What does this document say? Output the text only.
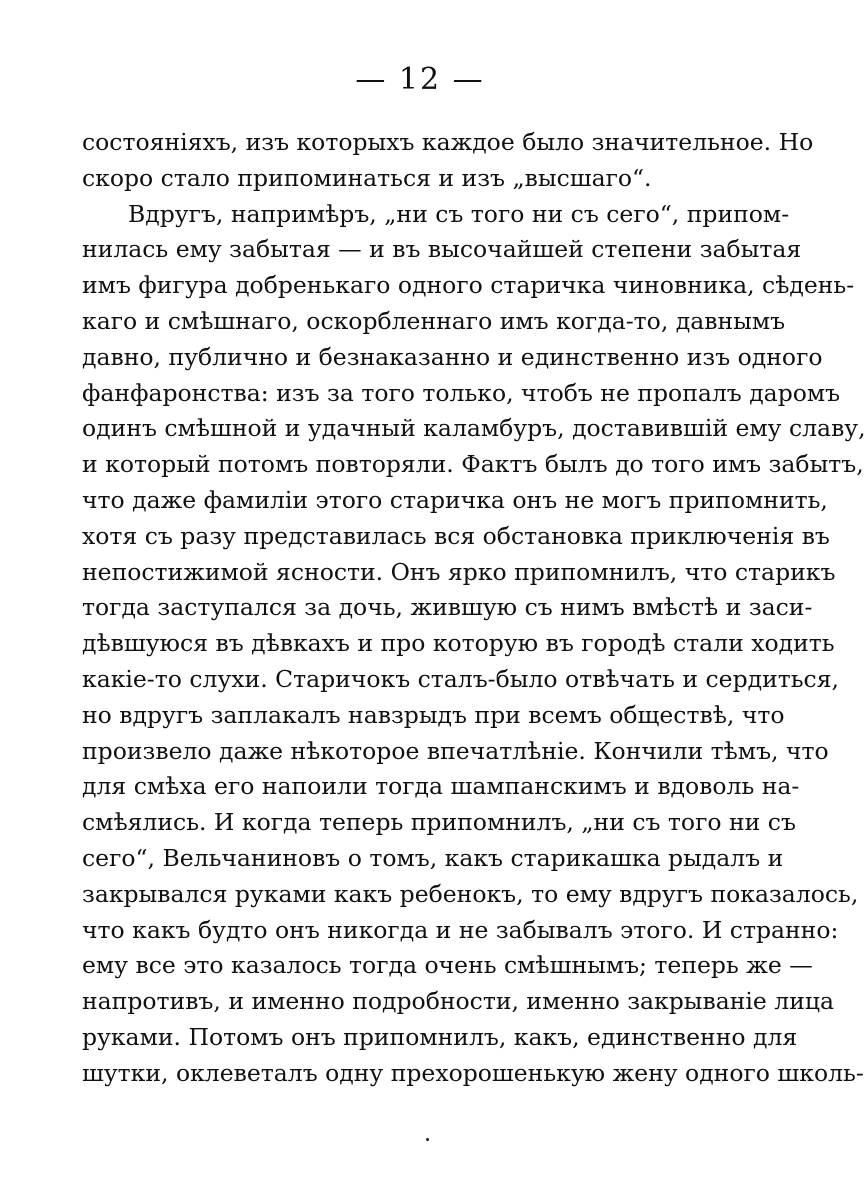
— 12 —
состоянiяхъ, изъ которыхъ каждое было значительное. Но
скоро стало припоминаться и изъ „высшаго“.
Вдругъ, напримѣръ, „ни съ того ни съ сего“, припом-
нилась ему забытая — и въ высочайшей степени забытая
имъ фигура добренькаго одного старичка чиновника, сѣдень-
каго и смѣшнаго, оскорбленнаго имъ когда-то, давнымъ
давно, публично и безнаказанно и единственно изъ одного
фанфаронства: изъ за того только, чтобъ не пропалъ даромъ
одинъ смѣшной и удачный каламбуръ, доставившiй ему славу,
и который потомъ повторяли. Фактъ былъ до того имъ забытъ,
что даже фамилiи этого старичка онъ не могъ припомнить,
хотя съ разу представилась вся обстановка приключенiя въ
непостижимой ясности. Онъ ярко припомнилъ, что старикъ
тогда заступался за дочь, жившую съ нимъ вмѣстѣ и заси-
дѣвшуюся въ дѣвкахъ и про которую въ городѣ стали ходить
какiе-то слухи. Старичокъ сталъ-было отвѣчать и сердиться,
но вдругъ заплакалъ навзрыдъ при всемъ обществѣ, что
произвело даже нѣкоторое впечатлѣнiе. Кончили тѣмъ, что
для смѣха его напоили тогда шампанскимъ и вдоволь на-
смѣялись. И когда теперь припомнилъ, „ни съ того ни съ
сего“, Вельчаниновъ о томъ, какъ старикашка рыдалъ и
закрывался руками какъ ребенокъ, то ему вдругъ показалось,
что какъ будто онъ никогда и не забывалъ этого. И странно:
ему все это казалось тогда очень смѣшнымъ; теперь же —
напротивъ, и именно подробности, именно закрыванiе лица
руками. Потомъ онъ припомнилъ, какъ, единственно для
шутки, оклеветалъ одну прехорошенькую жену одного школь-
